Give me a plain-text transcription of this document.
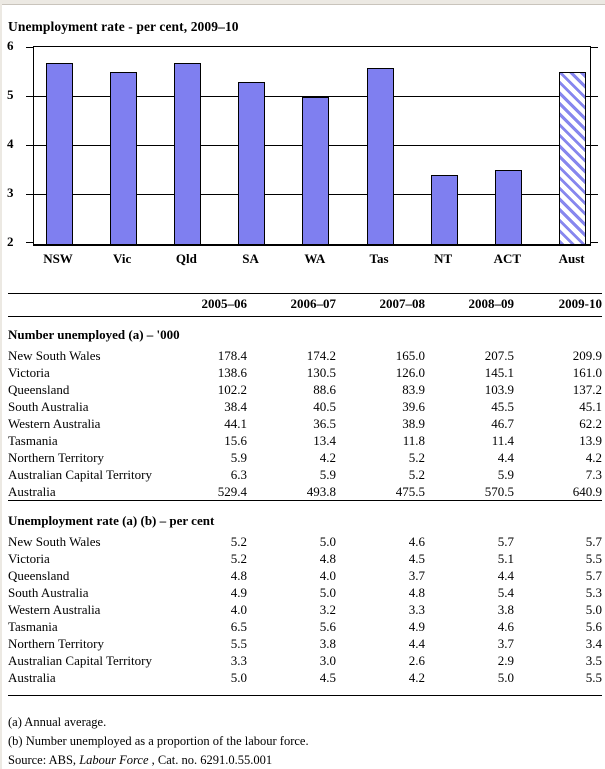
Unemployment rate - per cent, 2009–10
2
3
4
5
6
NSW	Vic	Qld	SA	WA	Tas	NT	ACT	Aust
	2005–06	2006–07	2007–08	2008–09	2009-10
Number unemployed (a) – '000					
New South Wales	178.4	174.2	165.0	207.5	209.9
Victoria	138.6	130.5	126.0	145.1	161.0
Queensland	102.2	88.6	83.9	103.9	137.2
South Australia	38.4	40.5	39.6	45.5	45.1
Western Australia	44.1	36.5	38.9	46.7	62.2
Tasmania	15.6	13.4	11.8	11.4	13.9
Northern Territory	5.9	4.2	5.2	4.4	4.2
Australian Capital Territory	6.3	5.9	5.2	5.9	7.3
Australia	529.4	493.8	475.5	570.5	640.9
Unemployment rate (a) (b) – per cent					
New South Wales	5.2	5.0	4.6	5.7	5.7
Victoria	5.2	4.8	4.5	5.1	5.5
Queensland	4.8	4.0	3.7	4.4	5.7
South Australia	4.9	5.0	4.8	5.4	5.3
Western Australia	4.0	3.2	3.3	3.8	5.0
Tasmania	6.5	5.6	4.9	4.6	5.6
Northern Territory	5.5	3.8	4.4	3.7	3.4
Australian Capital Territory	3.3	3.0	2.6	2.9	3.5
Australia	5.0	4.5	4.2	5.0	5.5
(a) Annual average.
(b) Number unemployed as a proportion of the labour force.
Source: ABS, Labour Force , Cat. no. 6291.0.55.001
